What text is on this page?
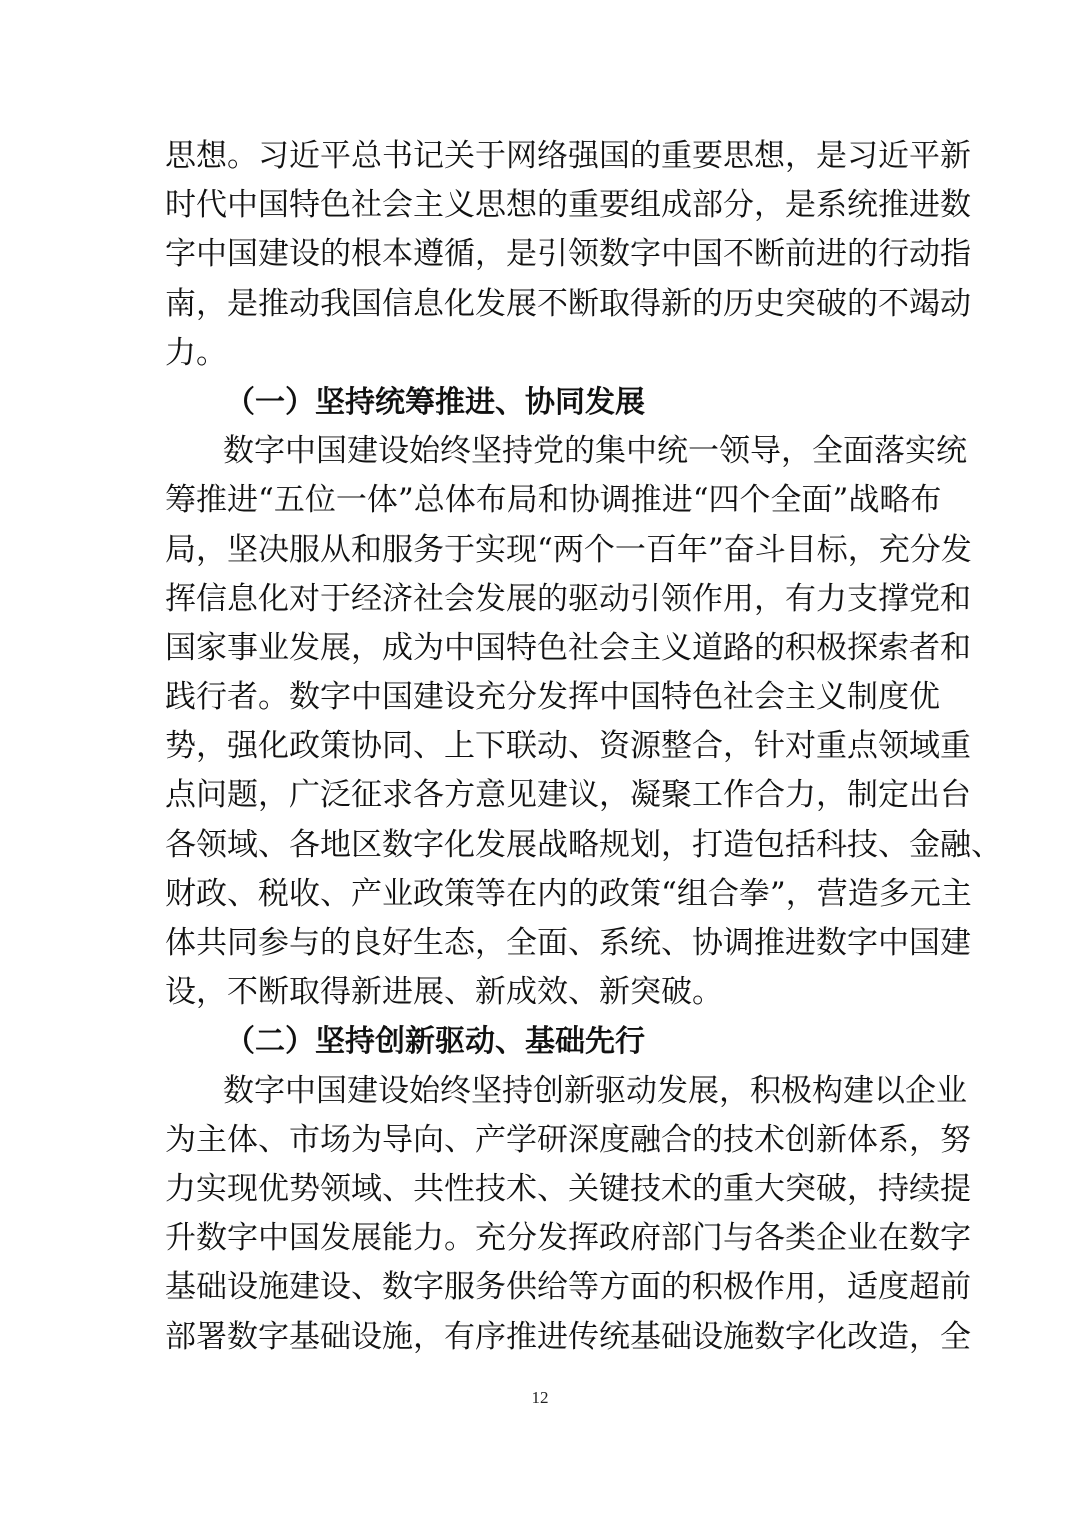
思想。习近平总书记关于网络强国的重要思想，是习近平新
时代中国特色社会主义思想的重要组成部分，是系统推进数
字中国建设的根本遵循，是引领数字中国不断前进的行动指
南，是推动我国信息化发展不断取得新的历史突破的不竭动
力。
（一）坚持统筹推进、协同发展
数字中国建设始终坚持党的集中统一领导，全面落实统
筹推进“五位一体”总体布局和协调推进“四个全面”战略布
局，坚决服从和服务于实现“两个一百年”奋斗目标，充分发
挥信息化对于经济社会发展的驱动引领作用，有力支撑党和
国家事业发展，成为中国特色社会主义道路的积极探索者和
践行者。数字中国建设充分发挥中国特色社会主义制度优
势，强化政策协同、上下联动、资源整合，针对重点领域重
点问题，广泛征求各方意见建议，凝聚工作合力，制定出台
各领域、各地区数字化发展战略规划，打造包括科技、金融、
财政、税收、产业政策等在内的政策“组合拳”，营造多元主
体共同参与的良好生态，全面、系统、协调推进数字中国建
设，不断取得新进展、新成效、新突破。
（二）坚持创新驱动、基础先行
数字中国建设始终坚持创新驱动发展，积极构建以企业
为主体、市场为导向、产学研深度融合的技术创新体系，努
力实现优势领域、共性技术、关键技术的重大突破，持续提
升数字中国发展能力。充分发挥政府部门与各类企业在数字
基础设施建设、数字服务供给等方面的积极作用，适度超前
部署数字基础设施，有序推进传统基础设施数字化改造，全
12
